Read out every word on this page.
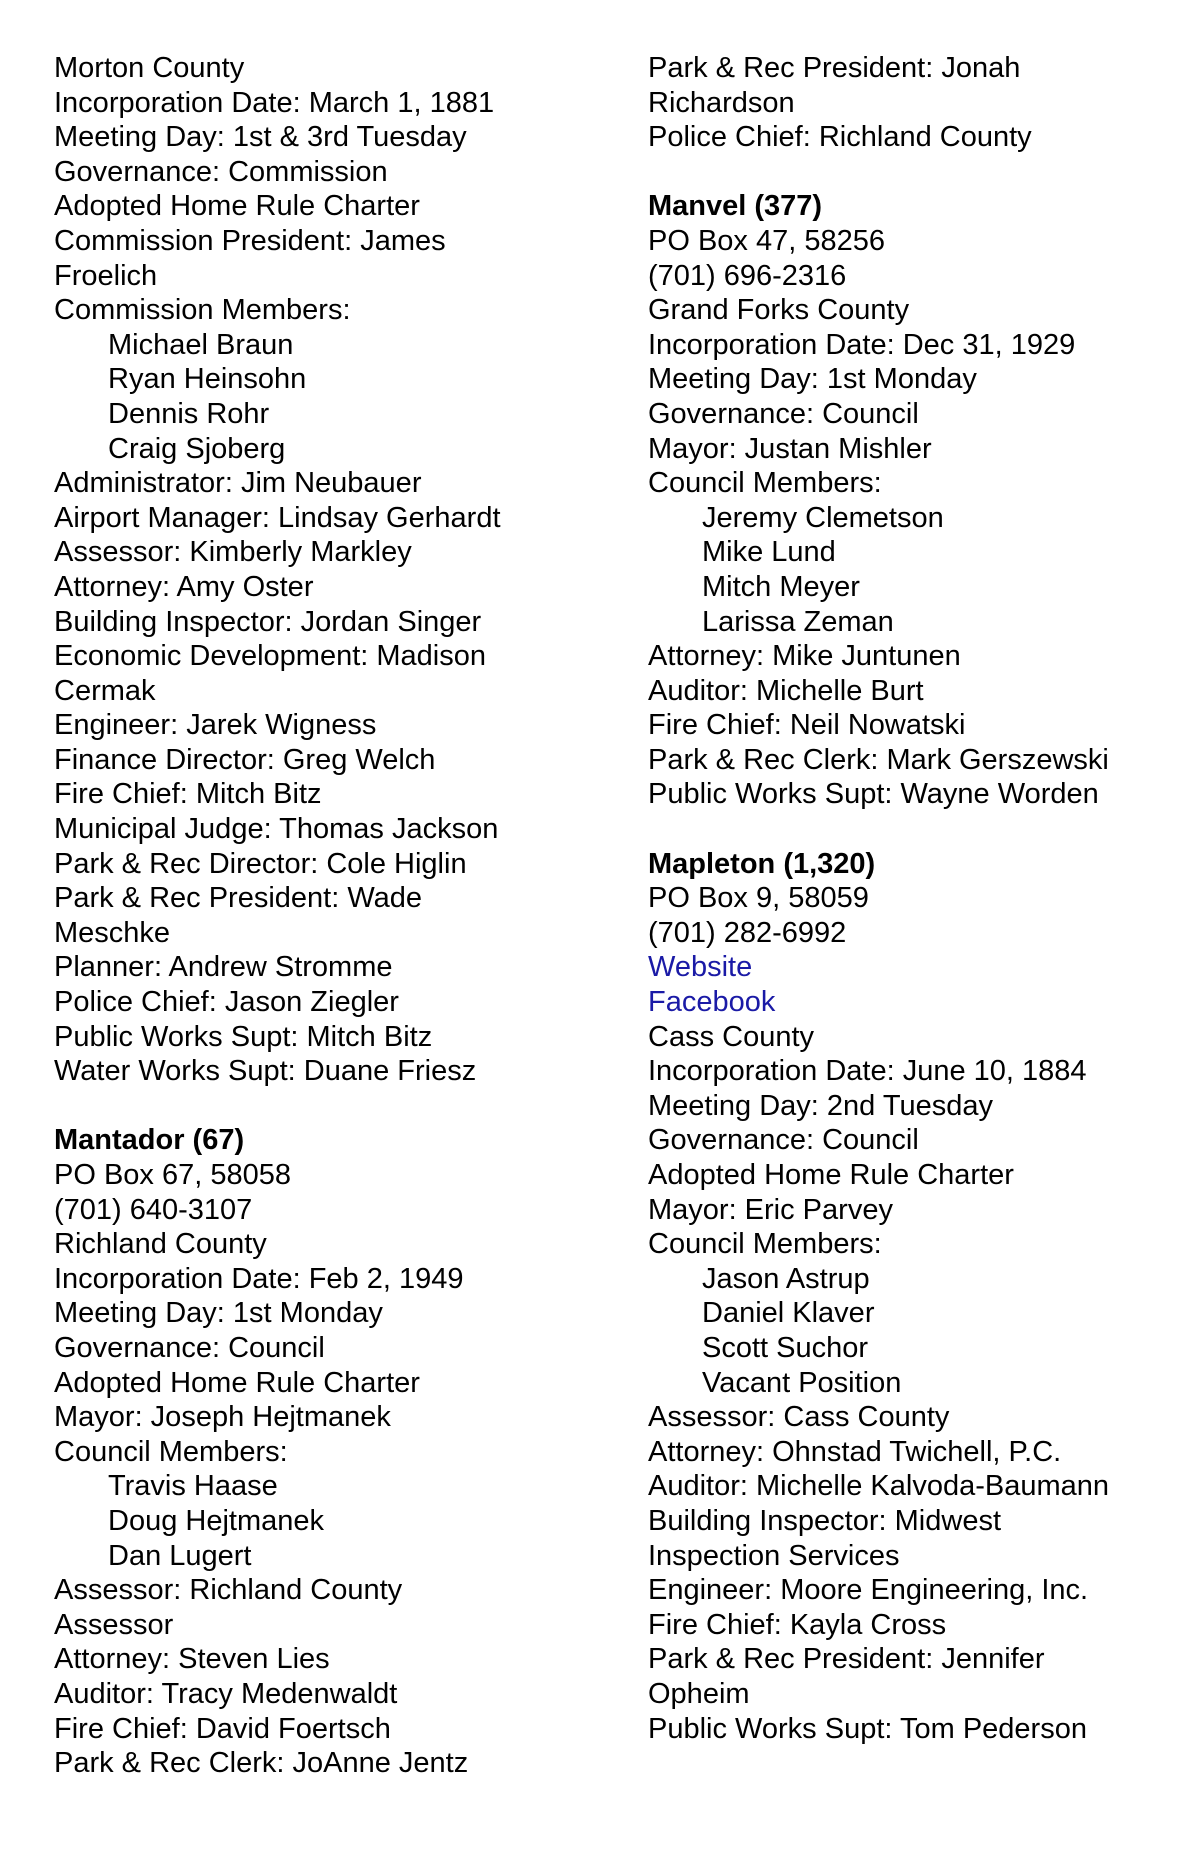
Morton County
Incorporation Date: March 1, 1881
Meeting Day: 1st & 3rd Tuesday
Governance: Commission
Adopted Home Rule Charter
Commission President: James
Froelich
Commission Members:
Michael Braun
Ryan Heinsohn
Dennis Rohr
Craig Sjoberg
Administrator: Jim Neubauer
Airport Manager: Lindsay Gerhardt
Assessor: Kimberly Markley
Attorney: Amy Oster
Building Inspector: Jordan Singer
Economic Development: Madison
Cermak
Engineer: Jarek Wigness
Finance Director: Greg Welch
Fire Chief: Mitch Bitz
Municipal Judge: Thomas Jackson
Park & Rec Director: Cole Higlin
Park & Rec President: Wade
Meschke
Planner: Andrew Stromme
Police Chief: Jason Ziegler
Public Works Supt: Mitch Bitz
Water Works Supt: Duane Friesz
Mantador (67)
PO Box 67, 58058
(701) 640-3107
Richland County
Incorporation Date: Feb 2, 1949
Meeting Day: 1st Monday
Governance: Council
Adopted Home Rule Charter
Mayor: Joseph Hejtmanek
Council Members:
Travis Haase
Doug Hejtmanek
Dan Lugert
Assessor: Richland County
Assessor
Attorney: Steven Lies
Auditor: Tracy Medenwaldt
Fire Chief: David Foertsch
Park & Rec Clerk: JoAnne Jentz
Park & Rec President: Jonah
Richardson
Police Chief: Richland County
Manvel (377)
PO Box 47, 58256
(701) 696-2316
Grand Forks County
Incorporation Date: Dec 31, 1929
Meeting Day: 1st Monday
Governance: Council
Mayor: Justan Mishler
Council Members:
Jeremy Clemetson
Mike Lund
Mitch Meyer
Larissa Zeman
Attorney: Mike Juntunen
Auditor: Michelle Burt
Fire Chief: Neil Nowatski
Park & Rec Clerk: Mark Gerszewski
Public Works Supt: Wayne Worden
Mapleton (1,320)
PO Box 9, 58059
(701) 282-6992
Website
Facebook
Cass County
Incorporation Date: June 10, 1884
Meeting Day: 2nd Tuesday
Governance: Council
Adopted Home Rule Charter
Mayor: Eric Parvey
Council Members:
Jason Astrup
Daniel Klaver
Scott Suchor
Vacant Position
Assessor: Cass County
Attorney: Ohnstad Twichell, P.C.
Auditor: Michelle Kalvoda-Baumann
Building Inspector: Midwest
Inspection Services
Engineer: Moore Engineering, Inc.
Fire Chief: Kayla Cross
Park & Rec President: Jennifer
Opheim
Public Works Supt: Tom Pederson
